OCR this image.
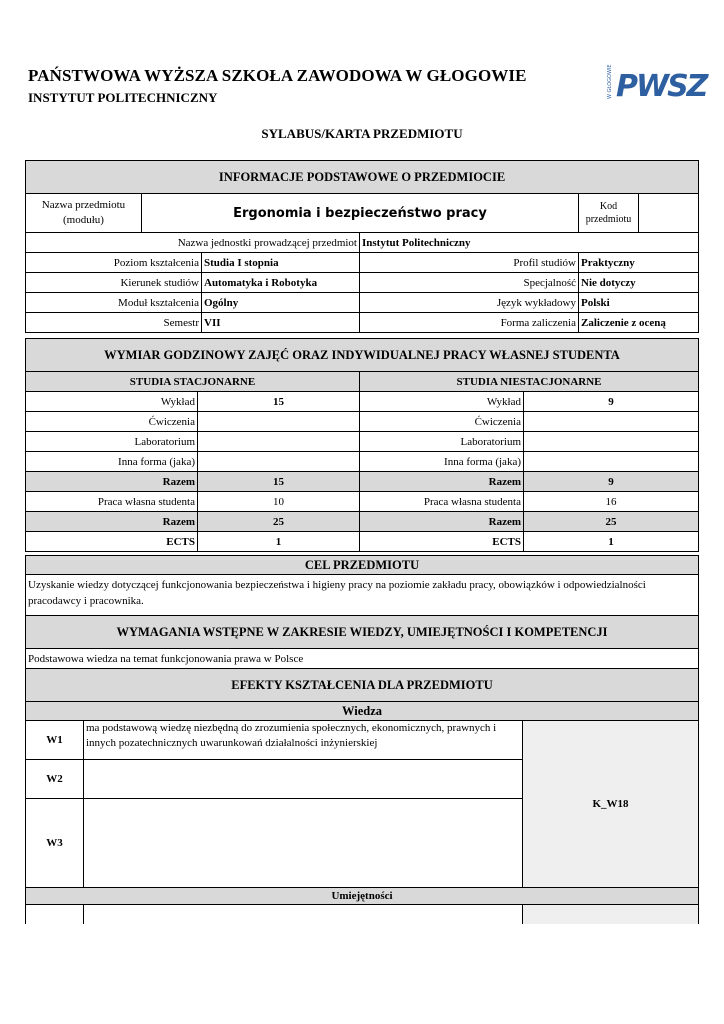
PAŃSTWOWA WYŻSZA SZKOŁA ZAWODOWA W GŁOGOWIE
INSTYTUT POLITECHNICZNY	W GŁOGOWIE PWSZ
SYLABUS/KARTA PRZEDMIOTU
INFORMACJE PODSTAWOWE O PRZEDMIOCIE					
Nazwa przedmiotu (modułu)	Ergonomia i bezpieczeństwo pracy			Kod przedmiotu	
Nazwa jednostki prowadzącej przedmiot			Instytut Politechniczny		
Poziom kształcenia		Studia I stopnia	Profil studiów	Praktyczny	
Kierunek studiów		Automatyka i Robotyka	Specjalność	Nie dotyczy	
Moduł kształcenia		Ogólny	Język wykładowy	Polski	
Semestr		VII	Forma zaliczenia	Zaliczenie z oceną	
WYMIAR GODZINOWY ZAJĘĆ ORAZ INDYWIDUALNEJ PRACY WŁASNEJ STUDENTA			
STUDIA STACJONARNE		STUDIA NIESTACJONARNE	
Wykład	15	Wykład	9
Ćwiczenia		Ćwiczenia	
Laboratorium		Laboratorium	
Inna forma (jaka)		Inna forma (jaka)	
Razem	15	Razem	9
Praca własna studenta	10	Praca własna studenta	16
Razem	25	Razem	25
ECTS	1	ECTS	1
CEL PRZEDMIOTU		
Uzyskanie wiedzy dotyczącej funkcjonowania bezpieczeństwa i higieny pracy na poziomie zakładu pracy, obowiązków i odpowiedzialności pracodawcy i pracownika.		
WYMAGANIA WSTĘPNE W ZAKRESIE WIEDZY, UMIEJĘTNOŚCI I KOMPETENCJI		
Podstawowa wiedza na temat funkcjonowania prawa w Polsce		
EFEKTY KSZTAŁCENIA DLA PRZEDMIOTU		
Wiedza		
W1	ma podstawową wiedzę niezbędną do zrozumienia społecznych, ekonomicznych, prawnych i innych pozatechnicznych uwarunkowań działalności inżynierskiej	K_W18
W2		
W3		
Umiejętności		
